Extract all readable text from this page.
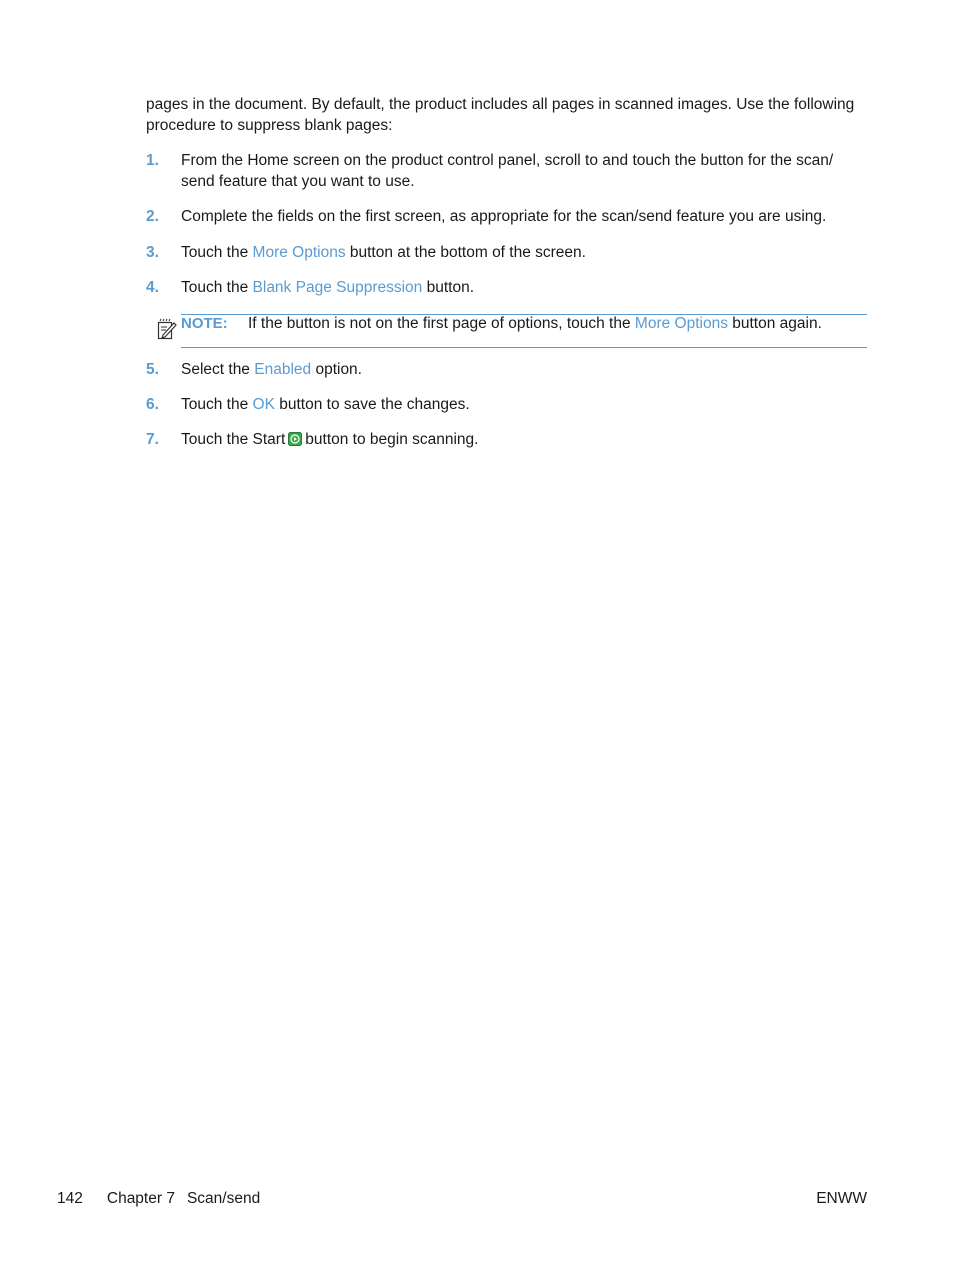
pages in the document. By default, the product includes all pages in scanned images. Use the following procedure to suppress blank pages:
1. From the Home screen on the product control panel, scroll to and touch the button for the scan/ send feature that you want to use.
2. Complete the fields on the first screen, as appropriate for the scan/send feature you are using.
3. Touch the More Options button at the bottom of the screen.
4. Touch the Blank Page Suppression button.
NOTE: If the button is not on the first page of options, touch the More Options button again.
5. Select the Enabled option.
6. Touch the OK button to save the changes.
7. Touch the Start button to begin scanning.
142 Chapter 7 Scan/send	ENWW
